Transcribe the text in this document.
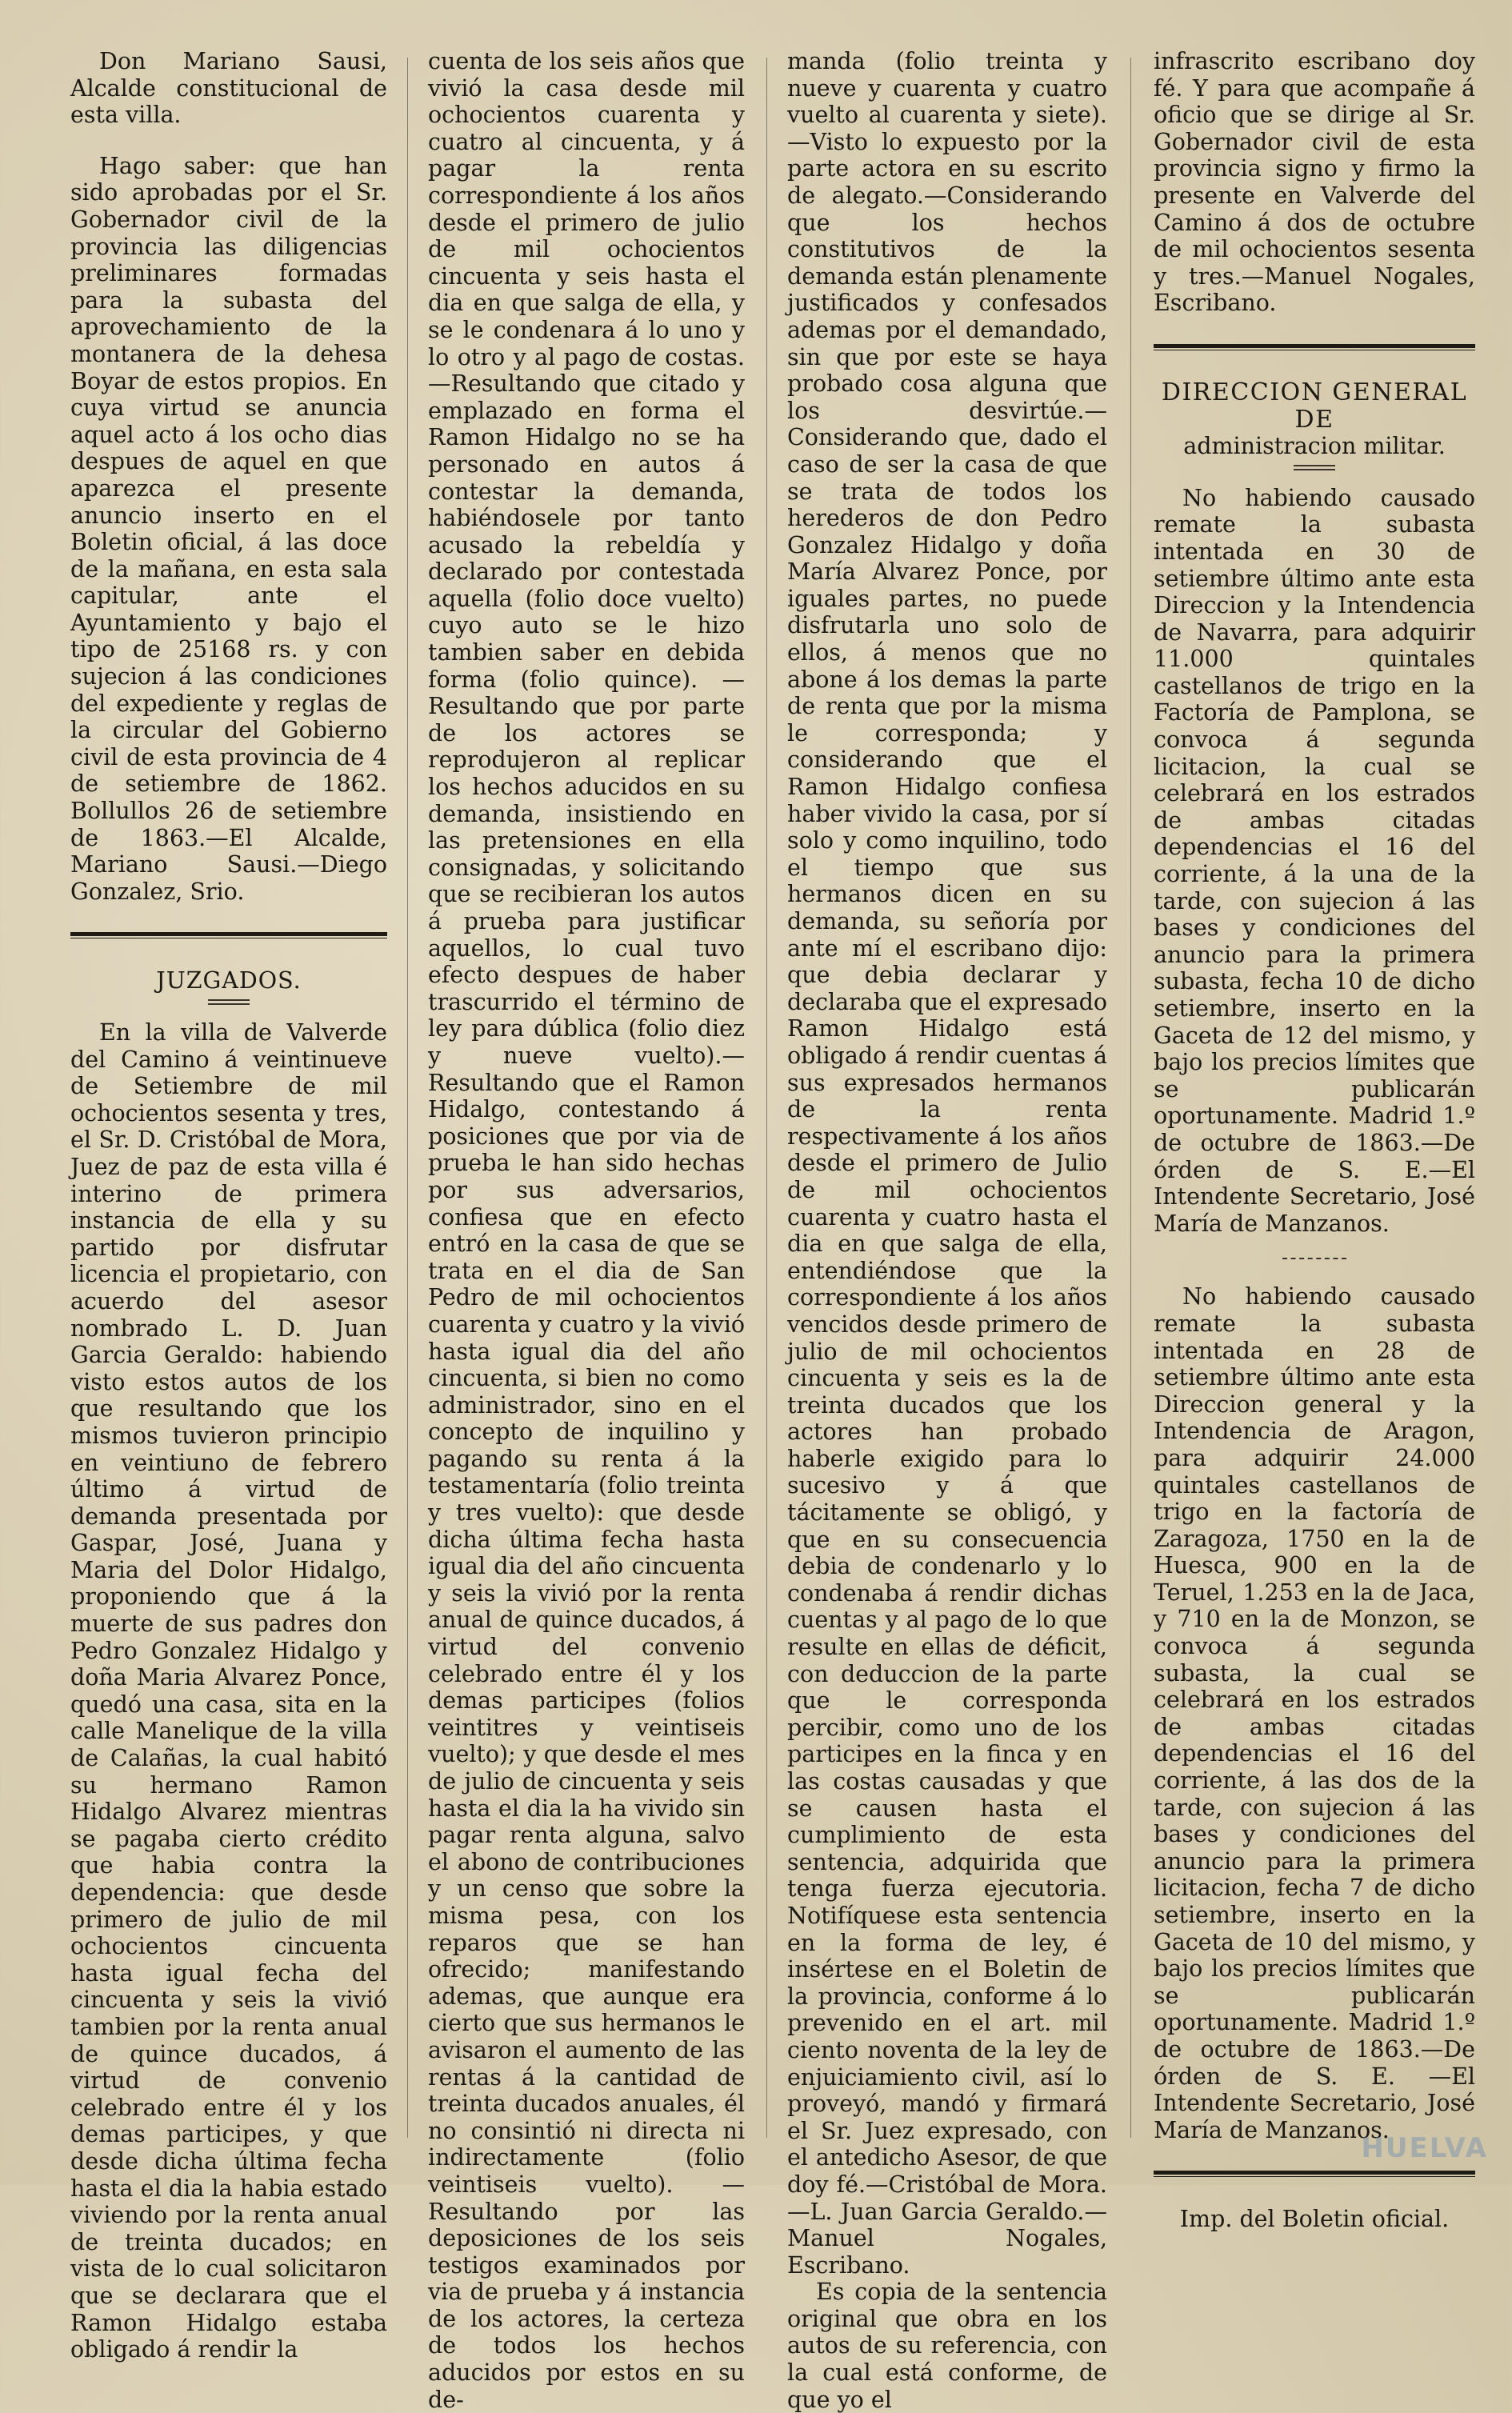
Don Mariano Sausi, Alcalde constitucional de esta villa.

Hago saber: que han sido aprobadas por el Sr. Gobernador civil de la provincia las diligencias preliminares formadas para la subasta del aprovechamiento de la montanera de la dehesa Boyar de estos propios. En cuya virtud se anuncia aquel acto á los ocho dias despues de aquel en que aparezca el presente anuncio inserto en el Boletin oficial, á las doce de la mañana, en esta sala capitular, ante el Ayuntamiento y bajo el tipo de 25168 rs. y con sujecion á las condiciones del expediente y reglas de la circular del Gobierno civil de esta provincia de 4 de setiembre de 1862. Bollullos 26 de setiembre de 1863.—El Alcalde, Mariano Sausi.—Diego Gonzalez, Srio.

JUZGADOS.

En la villa de Valverde del Camino á veintinueve de Setiembre de mil ochocientos sesenta y tres, el Sr. D. Cristóbal de Mora, Juez de paz de esta villa é interino de primera instancia de ella y su partido por disfrutar licencia el propietario, con acuerdo del asesor nombrado L. D. Juan Garcia Geraldo: habiendo visto estos autos de los que resultando que los mismos tuvieron principio en veintiuno de febrero último á virtud de demanda presentada por Gaspar, José, Juana y Maria del Dolor Hidalgo, proponiendo que á la muerte de sus padres don Pedro Gonzalez Hidalgo y doña Maria Alvarez Ponce, quedó una casa, sita en la calle Manelique de la villa de Calañas, la cual habitó su hermano Ramon Hidalgo Alvarez mientras se pagaba cierto crédito que habia contra la dependencia: que desde primero de julio de mil ochocientos cincuenta hasta igual fecha del cincuenta y seis la vivió tambien por la renta anual de quince ducados, á virtud de convenio celebrado entre él y los demas participes, y que desde dicha última fecha hasta el dia la habia estado viviendo por la renta anual de treinta ducados; en vista de lo cual solicitaron que se declarara que el Ramon Hidalgo estaba obligado á rendir la

cuenta de los seis años que vivió la casa desde mil ochocientos cuarenta y cuatro al cincuenta, y á pagar la renta correspondiente á los años desde el primero de julio de mil ochocientos cincuenta y seis hasta el dia en que salga de ella, y se le condenara á lo uno y lo otro y al pago de costas.—Resultando que citado y emplazado en forma el Ramon Hidalgo no se ha personado en autos á contestar la demanda, habiéndosele por tanto acusado la rebeldía y declarado por contestada aquella (folio doce vuelto) cuyo auto se le hizo tambien saber en debida forma (folio quince). —Resultando que por parte de los actores se reprodujeron al replicar los hechos aducidos en su demanda, insistiendo en las pretensiones en ella consignadas, y solicitando que se recibieran los autos á prueba para justificar aquellos, lo cual tuvo efecto despues de haber trascurrido el término de ley para dública (folio diez y nueve vuelto).—Resultando que el Ramon Hidalgo, contestando á posiciones que por via de prueba le han sido hechas por sus adversarios, confiesa que en efecto entró en la casa de que se trata en el dia de San Pedro de mil ochocientos cuarenta y cuatro y la vivió hasta igual dia del año cincuenta, si bien no como administrador, sino en el concepto de inquilino y pagando su renta á la testamentaría (folio treinta y tres vuelto): que desde dicha última fecha hasta igual dia del año cincuenta y seis la vivió por la renta anual de quince ducados, á virtud del convenio celebrado entre él y los demas participes (folios veintitres y veintiseis vuelto); y que desde el mes de julio de cincuenta y seis hasta el dia la ha vivido sin pagar renta alguna, salvo el abono de contribuciones y un censo que sobre la misma pesa, con los reparos que se han ofrecido; manifestando ademas, que aunque era cierto que sus hermanos le avisaron el aumento de las rentas á la cantidad de treinta ducados anuales, él no consintió ni directa ni indirectamente (folio veintiseis vuelto). —Resultando por las deposiciones de los seis testigos examinados por via de prueba y á instancia de los actores, la certeza de todos los hechos aducidos por estos en su de-

manda (folio treinta y nueve y cuarenta y cuatro vuelto al cuarenta y siete).—Visto lo expuesto por la parte actora en su escrito de alegato.—Considerando que los hechos constitutivos de la demanda están plenamente justificados y confesados ademas por el demandado, sin que por este se haya probado cosa alguna que los desvirtúe.—Considerando que, dado el caso de ser la casa de que se trata de todos los herederos de don Pedro Gonzalez Hidalgo y doña María Alvarez Ponce, por iguales partes, no puede disfrutarla uno solo de ellos, á menos que no abone á los demas la parte de renta que por la misma le corresponda; y considerando que el Ramon Hidalgo confiesa haber vivido la casa, por sí solo y como inquilino, todo el tiempo que sus hermanos dicen en su demanda, su señoría por ante mí el escribano dijo: que debia declarar y declaraba que el expresado Ramon Hidalgo está obligado á rendir cuentas á sus expresados hermanos de la renta respectivamente á los años desde el primero de Julio de mil ochocientos cuarenta y cuatro hasta el dia en que salga de ella, entendiéndose que la correspondiente á los años vencidos desde primero de julio de mil ochocientos cincuenta y seis es la de treinta ducados que los actores han probado haberle exigido para lo sucesivo y á que tácitamente se obligó, y que en su consecuencia debia de condenarlo y lo condenaba á rendir dichas cuentas y al pago de lo que resulte en ellas de déficit, con deduccion de la parte que le corresponda percibir, como uno de los participes en la finca y en las costas causadas y que se causen hasta el cumplimiento de esta sentencia, adquirida que tenga fuerza ejecutoria. Notifíquese esta sentencia en la forma de ley, é insértese en el Boletin de la provincia, conforme á lo prevenido en el art. mil ciento noventa de la ley de enjuiciamiento civil, así lo proveyó, mandó y firmará el Sr. Juez expresado, con el antedicho Asesor, de que doy fé.—Cristóbal de Mora.—L. Juan Garcia Geraldo.—Manuel Nogales, Escribano.

Es copia de la sentencia original que obra en los autos de su referencia, con la cual está conforme, de que yo el

infrascrito escribano doy fé. Y para que acompañe á oficio que se dirige al Sr. Gobernador civil de esta provincia signo y firmo la presente en Valverde del Camino á dos de octubre de mil ochocientos sesenta y tres.—Manuel Nogales, Escribano.

DIRECCION GENERAL DE

administracion militar.

No habiendo causado remate la subasta intentada en 30 de setiembre último ante esta Direccion y la Intendencia de Navarra, para adquirir 11.000 quintales castellanos de trigo en la Factoría de Pamplona, se convoca á segunda licitacion, la cual se celebrará en los estrados de ambas citadas dependencias el 16 del corriente, á la una de la tarde, con sujecion á las bases y condiciones del anuncio para la primera subasta, fecha 10 de dicho setiembre, inserto en la Gaceta de 12 del mismo, y bajo los precios límites que se publicarán oportunamente. Madrid 1.º de octubre de 1863.—De órden de S. E.—El Intendente Secretario, José María de Manzanos.

No habiendo causado remate la subasta intentada en 28 de setiembre último ante esta Direccion general y la Intendencia de Aragon, para adquirir 24.000 quintales castellanos de trigo en la factoría de Zaragoza, 1750 en la de Huesca, 900 en la de Teruel, 1.253 en la de Jaca, y 710 en la de Monzon, se convoca á segunda subasta, la cual se celebrará en los estrados de ambas citadas dependencias el 16 del corriente, á las dos de la tarde, con sujecion á las bases y condiciones del anuncio para la primera licitacion, fecha 7 de dicho setiembre, inserto en la Gaceta de 10 del mismo, y bajo los precios límites que se publicarán oportunamente. Madrid 1.º de octubre de 1863.—De órden de S. E. —El Intendente Secretario, José María de Manzanos.

Imp. del Boletin oficial.

HUELVA
